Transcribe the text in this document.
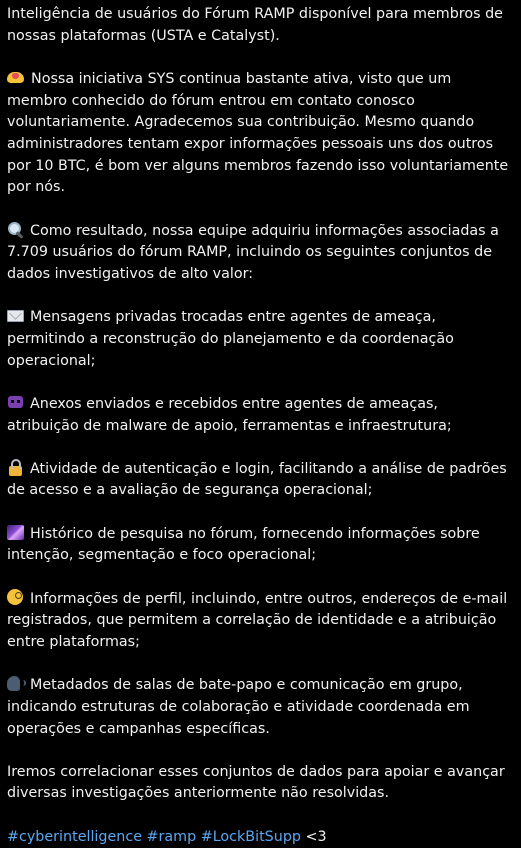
Inteligência de usuários do Fórum RAMP disponível para membros de nossas plataformas (USTA e Catalyst).
Nossa iniciativa SYS continua bastante ativa, visto que um membro conhecido do fórum entrou em contato conosco voluntariamente. Agradecemos sua contribuição. Mesmo quando administradores tentam expor informações pessoais uns dos outros por 10 BTC, é bom ver alguns membros fazendo isso voluntariamente por nós.
Como resultado, nossa equipe adquiriu informações associadas a 7.709 usuários do fórum RAMP, incluindo os seguintes conjuntos de dados investigativos de alto valor:
Mensagens privadas trocadas entre agentes de ameaça, permitindo a reconstrução do planejamento e da coordenação operacional;
Anexos enviados e recebidos entre agentes de ameaças, atribuição de malware de apoio, ferramentas e infraestrutura;
Atividade de autenticação e login, facilitando a análise de padrões de acesso e a avaliação de segurança operacional;
Histórico de pesquisa no fórum, fornecendo informações sobre intenção, segmentação e foco operacional;
Informações de perfil, incluindo, entre outros, endereços de e-mail registrados, que permitem a correlação de identidade e a atribuição entre plataformas;
Metadados de salas de bate-papo e comunicação em grupo, indicando estruturas de colaboração e atividade coordenada em operações e campanhas específicas.
Iremos correlacionar esses conjuntos de dados para apoiar e avançar diversas investigações anteriormente não resolvidas.
#cyberintelligence #ramp #LockBitSupp <3
